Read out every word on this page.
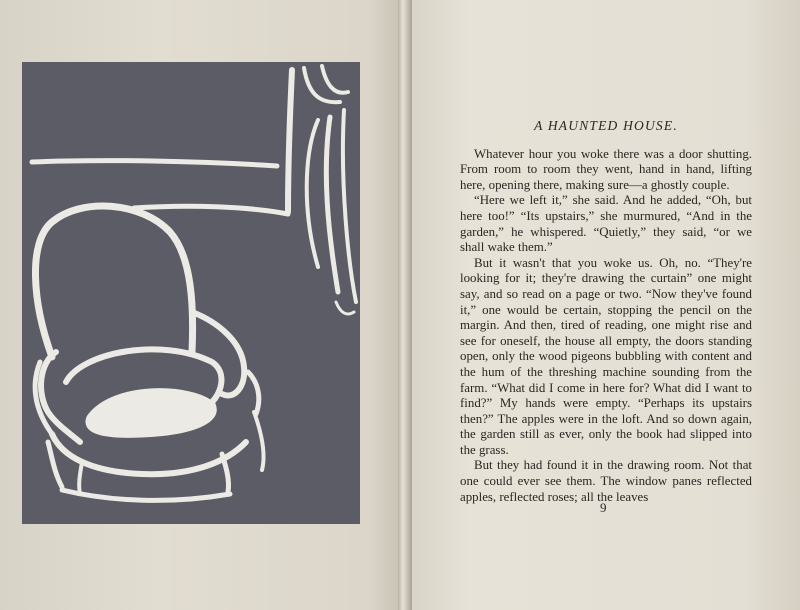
A HAUNTED HOUSE.

Whatever hour you woke there was a door shutting. From room to room they went, hand in hand, lifting here, opening there, making sure—a ghostly couple.

“Here we left it,” she said. And he added, “Oh, but here too!” “Its upstairs,” she murmured, “And in the garden,” he whispered. “Quietly,” they said, “or we shall wake them.”

But it wasn't that you woke us. Oh, no. “They're looking for it; they're drawing the curtain” one might say, and so read on a page or two. “Now they've found it,” one would be certain, stopping the pencil on the margin. And then, tired of reading, one might rise and see for oneself, the house all empty, the doors standing open, only the wood pigeons bubbling with content and the hum of the threshing machine sounding from the farm. “What did I come in here for? What did I want to find?” My hands were empty. “Perhaps its upstairs then?” The apples were in the loft. And so down again, the garden still as ever, only the book had slipped into the grass.

But they had found it in the drawing room. Not that one could ever see them. The window panes reflected apples, reflected roses; all the leaves

9
